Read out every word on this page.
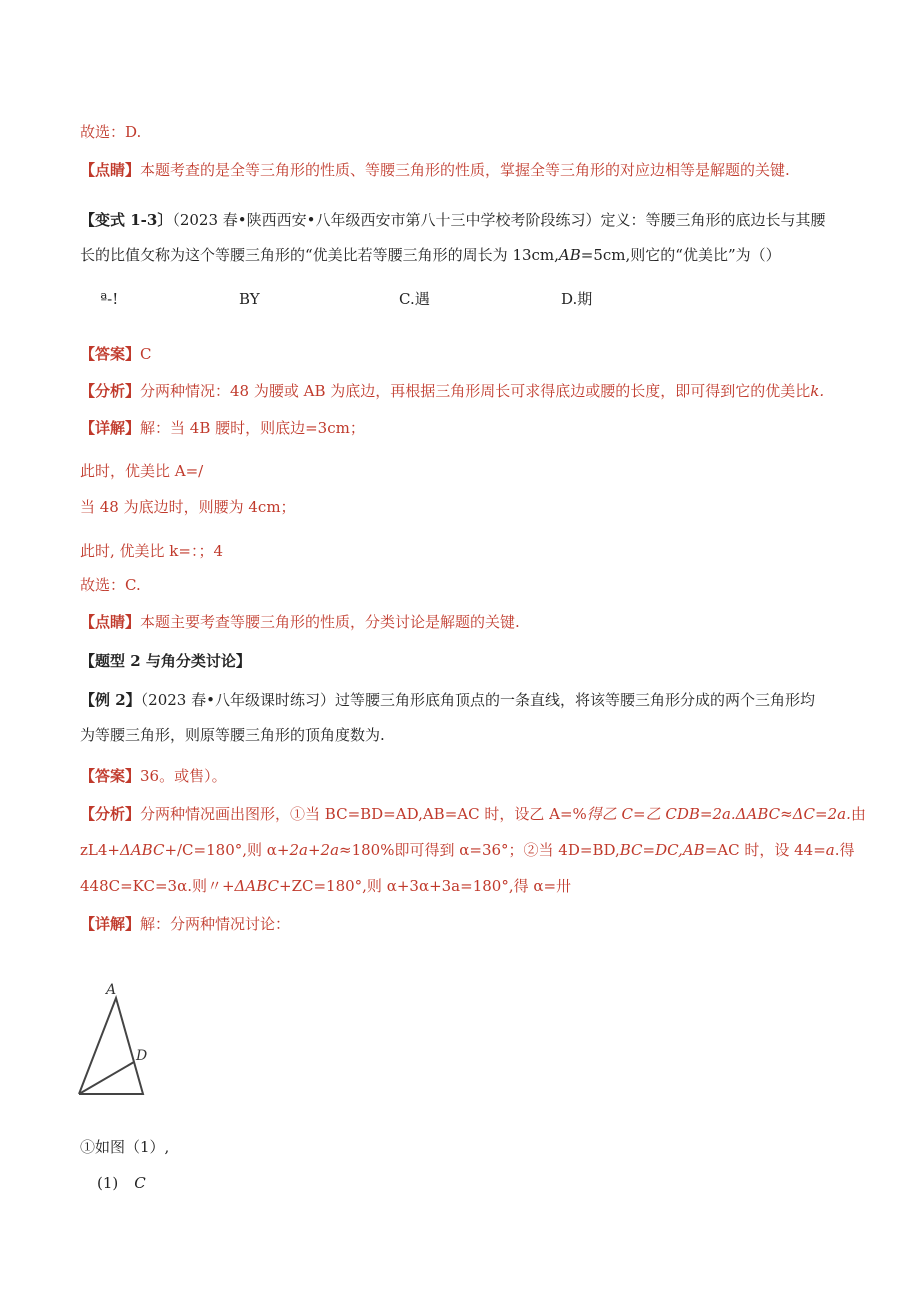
故选：D.
【点睛】本题考查的是全等三角形的性质、等腰三角形的性质，掌握全等三角形的对应边相等是解题的关键.
【变式 1-3〕（2023 春•陕西西安•八年级西安市第八十三中学校考阶段练习）定义：等腰三角形的底边长与其腰
长的比值攵称为这个等腰三角形的“优美比若等腰三角形的周长为 13cm,AB=5cm,则它的“优美比”为（）
ª-!	BY	C.遇	D.期
【答案】C
【分析】分两种情况：48 为腰或 AB 为底边，再根据三角形周长可求得底边或腰的长度，即可得到它的优美比k.
【详解】解：当 4B 腰时，则底边=3cm；
此时，优美比 A=/
当 48 为底边时，则腰为 4cm；
此时, 优美比 k=：；4
故选：C.
【点睛】本题主要考查等腰三角形的性质，分类讨论是解题的关键.
【题型 2 与角分类讨论】
【例 2】（2023 春•八年级课时练习）过等腰三角形底角顶点的一条直线，将该等腰三角形分成的两个三角形均
为等腰三角形，则原等腰三角形的顶角度数为.
【答案】36。或售）。
【分析】分两种情况画出图形，①当 BC=BD=AD,AB=AC 时，设乙 A=%得乙 C=乙 CDB=2a.ΔABC≈ΔC=2a.由
zL4+ΔABC+/C=180°,则 α+2a+2a≈180%即可得到 α=36°；②当 4D=BD,BC=DC,AB=AC 时，设 44=a.得
448C=KC=3α.则〃+ΔABC+ZC=180°,则 α+3α+3a=180°,得 α=卅
【详解】解：分两种情况讨论：
A
D
①如图（1）,
(1) C
